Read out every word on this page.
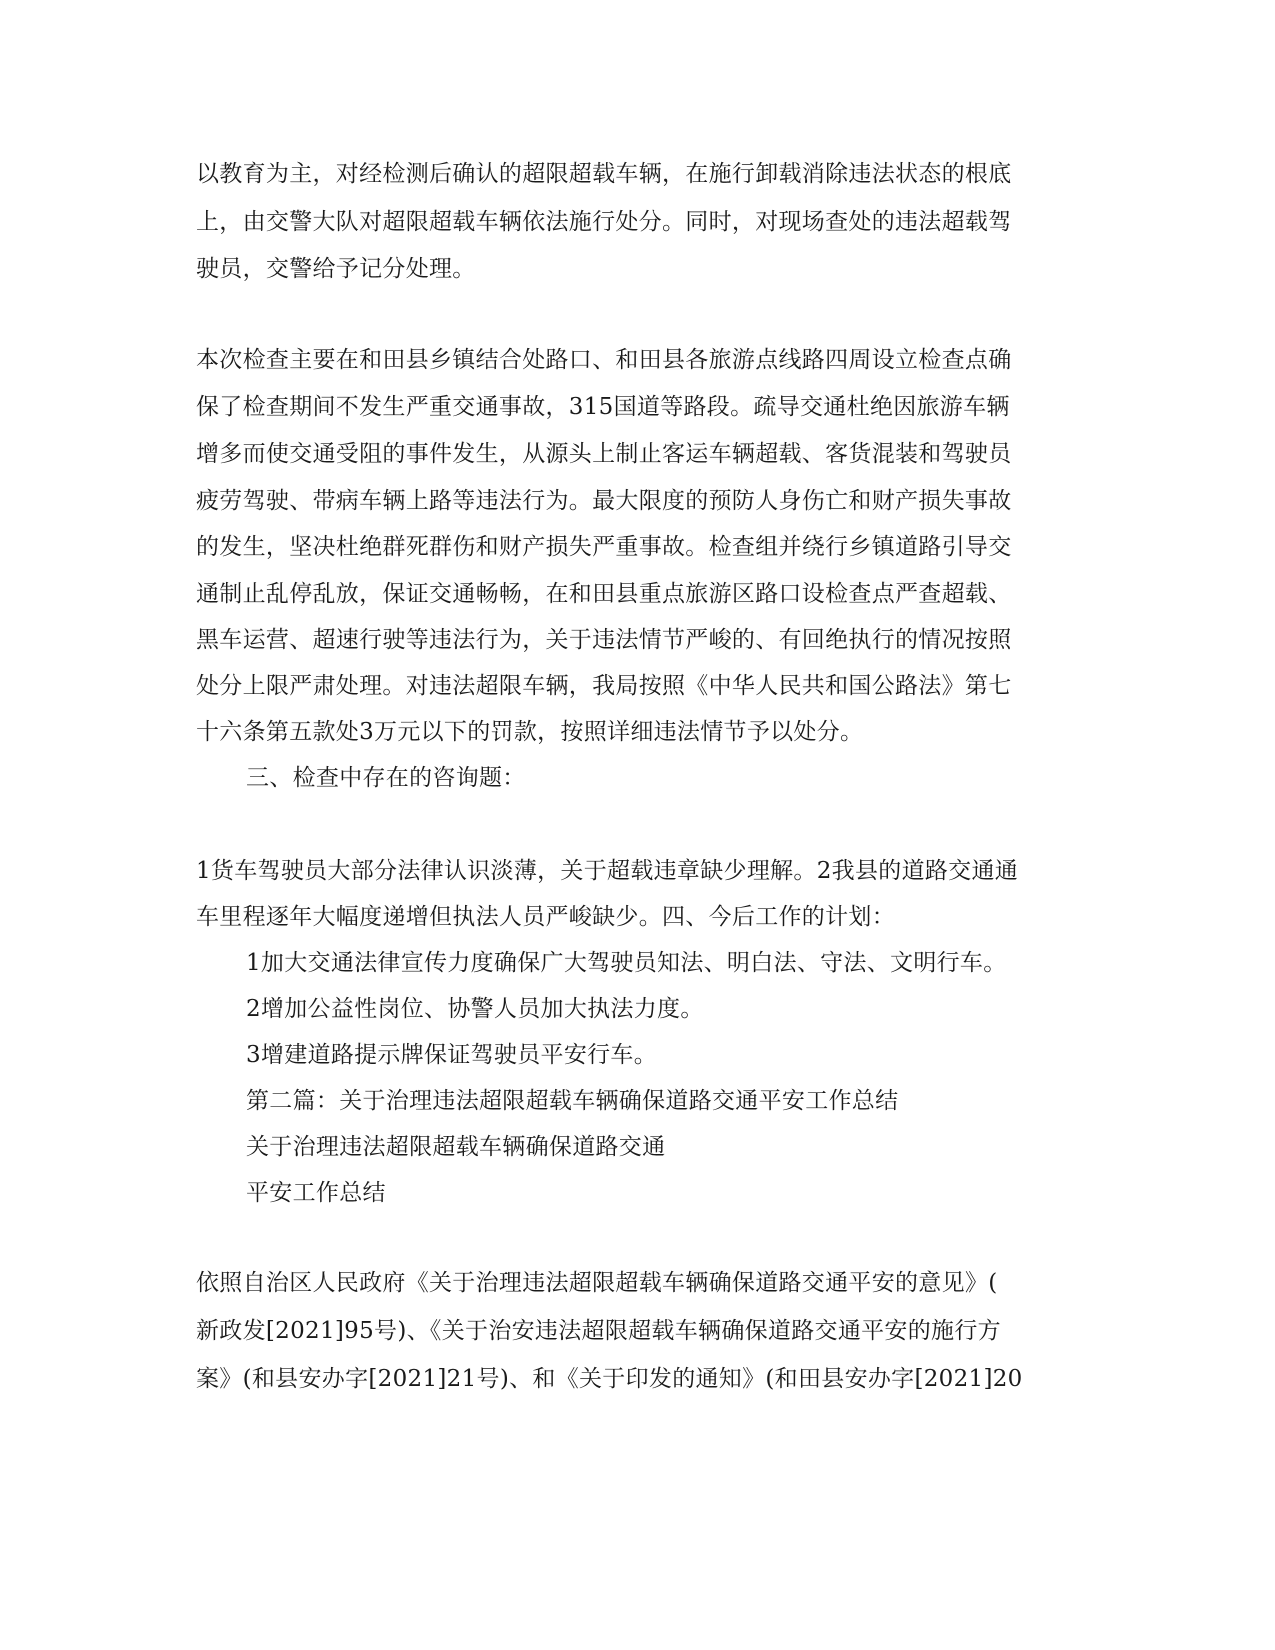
以教育为主，对经检测后确认的超限超载车辆，在施行卸载消除违法状态的根底
上，由交警大队对超限超载车辆依法施行处分。同时，对现场查处的违法超载驾
驶员，交警给予记分处理。
本次检查主要在和田县乡镇结合处路口、和田县各旅游点线路四周设立检查点确
保了检查期间不发生严重交通事故，315国道等路段。疏导交通杜绝因旅游车辆
增多而使交通受阻的事件发生，从源头上制止客运车辆超载、客货混装和驾驶员
疲劳驾驶、带病车辆上路等违法行为。最大限度的预防人身伤亡和财产损失事故
的发生，坚决杜绝群死群伤和财产损失严重事故。检查组并绕行乡镇道路引导交
通制止乱停乱放，保证交通畅畅，在和田县重点旅游区路口设检查点严查超载、
黑车运营、超速行驶等违法行为，关于违法情节严峻的、有回绝执行的情况按照
处分上限严肃处理。对违法超限车辆，我局按照《中华人民共和国公路法》第七
十六条第五款处3万元以下的罚款，按照详细违法情节予以处分。
三、检查中存在的咨询题：
1货车驾驶员大部分法律认识淡薄，关于超载违章缺少理解。2我县的道路交通通
车里程逐年大幅度递增但执法人员严峻缺少。四、今后工作的计划：
1加大交通法律宣传力度确保广大驾驶员知法、明白法、守法、文明行车。
2增加公益性岗位、协警人员加大执法力度。
3增建道路提示牌保证驾驶员平安行车。
第二篇：关于治理违法超限超载车辆确保道路交通平安工作总结
关于治理违法超限超载车辆确保道路交通
平安工作总结
依照自治区人民政府《关于治理违法超限超载车辆确保道路交通平安的意见》(
新政发[2021]95号)、《关于治安违法超限超载车辆确保道路交通平安的施行方
案》(和县安办字[2021]21号)、和《关于印发的通知》(和田县安办字[2021]20
